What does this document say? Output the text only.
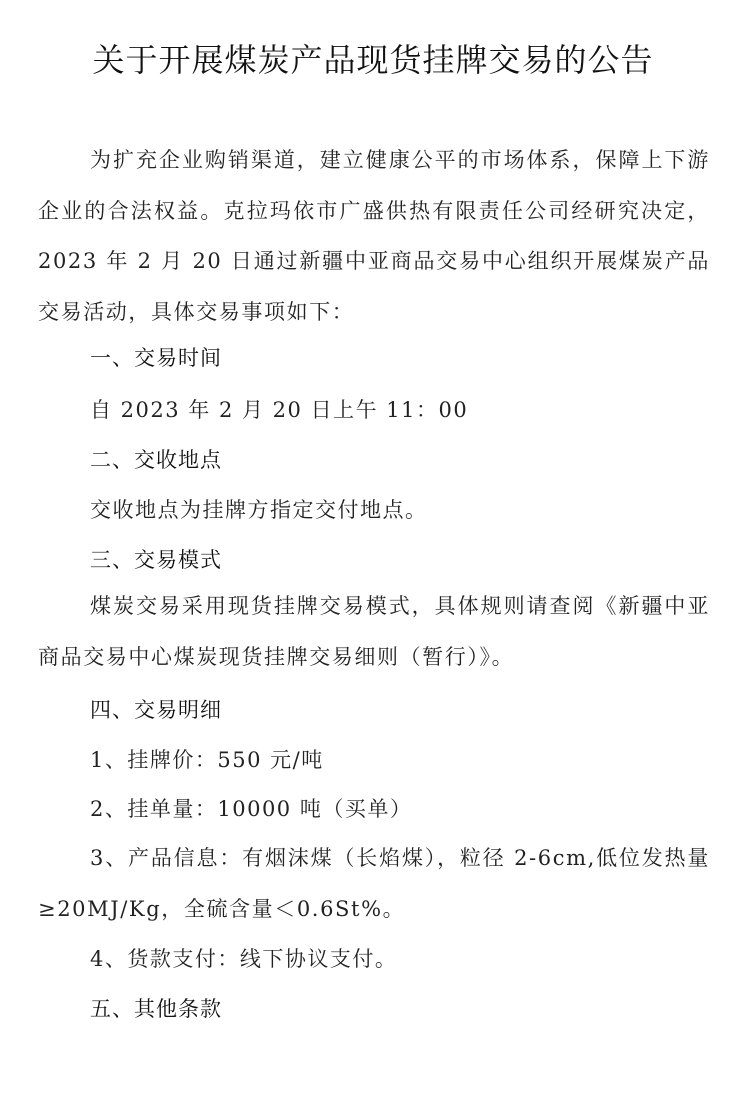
关于开展煤炭产品现货挂牌交易的公告
为扩充企业购销渠道，建立健康公平的市场体系，保障上下游企业的合法权益。克拉玛依市广盛供热有限责任公司经研究决定，2023 年 2 月 20 日通过新疆中亚商品交易中心组织开展煤炭产品交易活动，具体交易事项如下：
一、交易时间
自 2023 年 2 月 20 日上午 11：00
二、交收地点
交收地点为挂牌方指定交付地点。
三、交易模式
煤炭交易采用现货挂牌交易模式，具体规则请查阅《新疆中亚商品交易中心煤炭现货挂牌交易细则（暂行）》。
四、交易明细
1、挂牌价：550 元/吨
2、挂单量：10000 吨（买单）
3、产品信息：有烟沫煤（长焰煤），粒径 2-6cm,低位发热量≥20MJ/Kg，全硫含量＜0.6St%。
4、货款支付：线下协议支付。
五、其他条款
